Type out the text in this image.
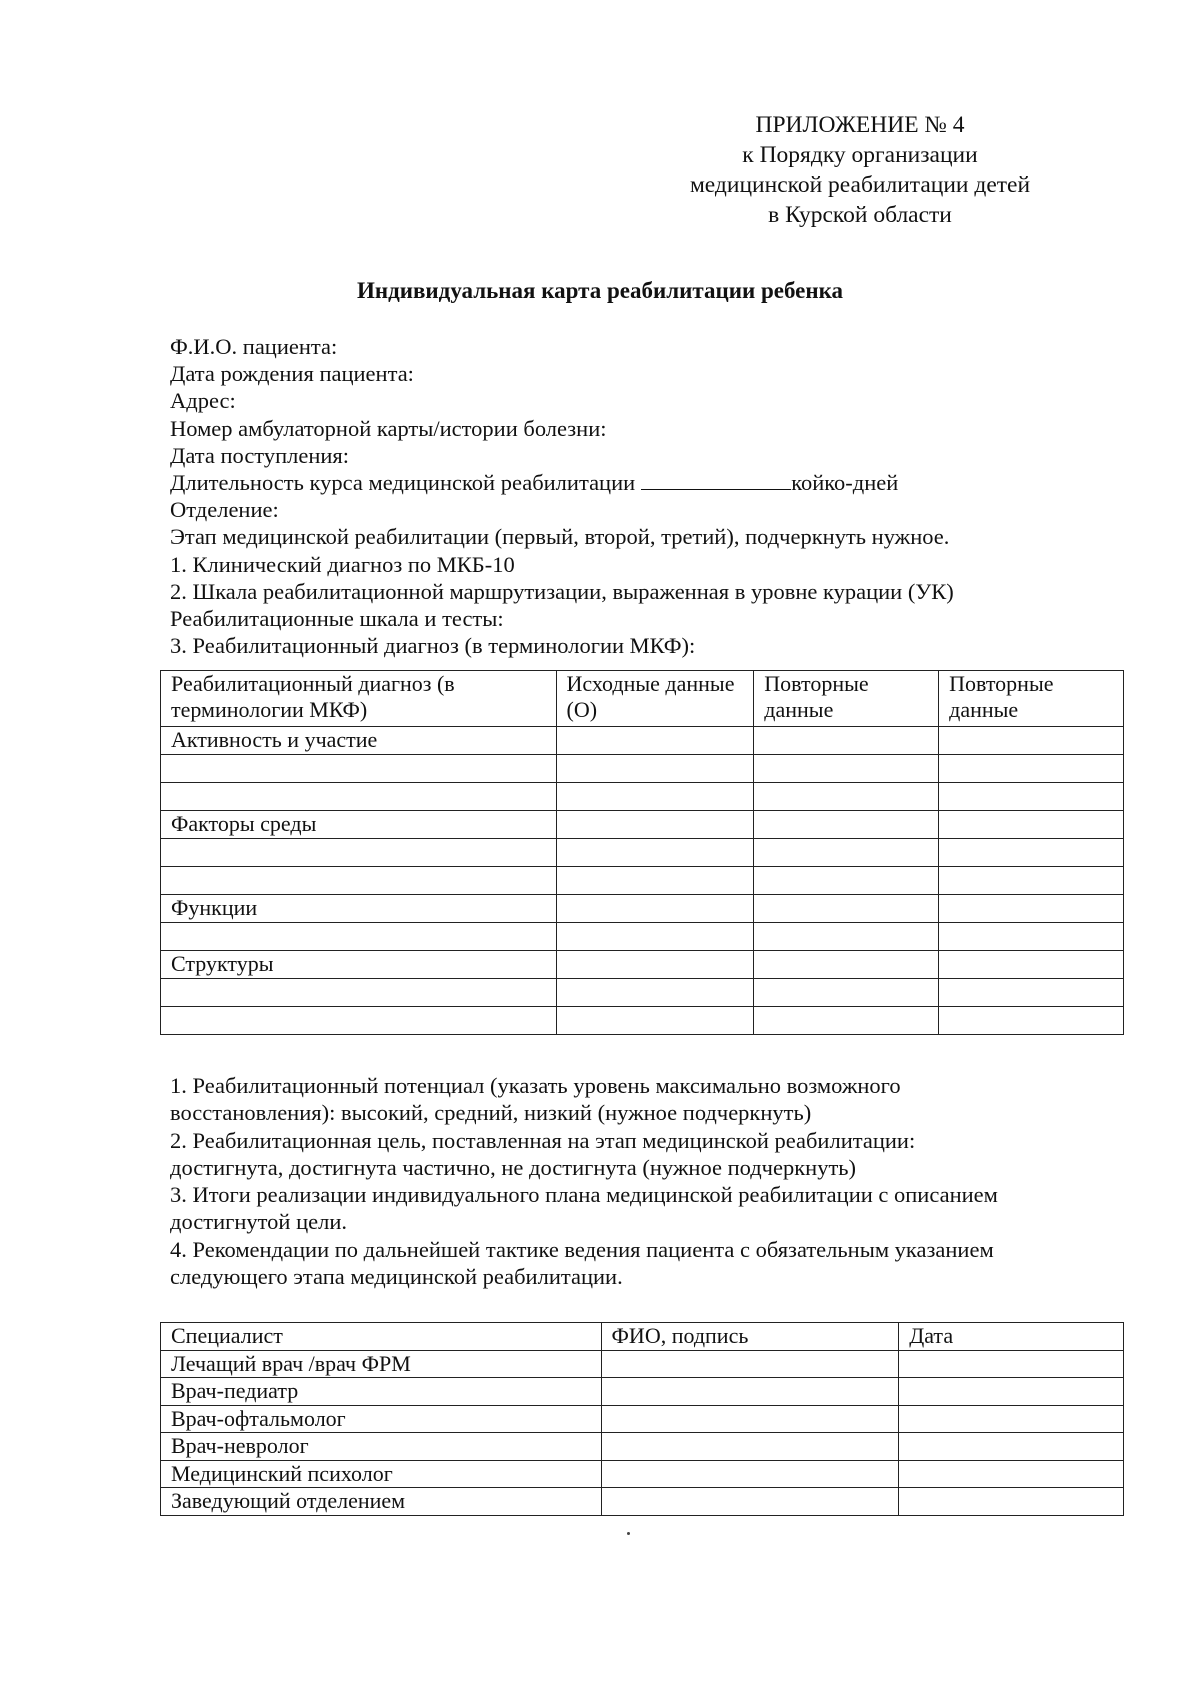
ПРИЛОЖЕНИЕ № 4
к Порядку организации
медицинской реабилитации детей
в Курской области
Индивидуальная карта реабилитации ребенка
Ф.И.О. пациента:
Дата рождения пациента:
Адрес:
Номер амбулаторной карты/истории болезни:
Дата поступления:
Длительность курса медицинской реабилитации	койко-дней
Отделение:
Этап медицинской реабилитации (первый, второй, третий), подчеркнуть нужное.
1. Клинический диагноз по МКБ-10
2. Шкала реабилитационной маршрутизации, выраженная в уровне курации (УК)
Реабилитационные шкала и тесты:
3. Реабилитационный диагноз (в терминологии МКФ):
Реабилитационный диагноз (в терминологии МКФ)	Исходные данные (О)	Повторные данные	Повторные данные
Активность и участие			

Факторы среды			

Функции			

Структуры			

1. Реабилитационный потенциал (указать уровень максимально возможного
восстановления): высокий, средний, низкий (нужное подчеркнуть)
2. Реабилитационная цель, поставленная на этап медицинской реабилитации:
достигнута, достигнута частично, не достигнута (нужное подчеркнуть)
3. Итоги реализации индивидуального плана медицинской реабилитации с описанием
достигнутой цели.
4. Рекомендации по дальнейшей тактике ведения пациента с обязательным указанием
следующего этапа медицинской реабилитации.
Специалист	ФИО, подпись	Дата
Лечащий врач /врач ФРМ		
Врач-педиатр		
Врач-офтальмолог		
Врач-невролог		
Медицинский психолог		
Заведующий отделением		
